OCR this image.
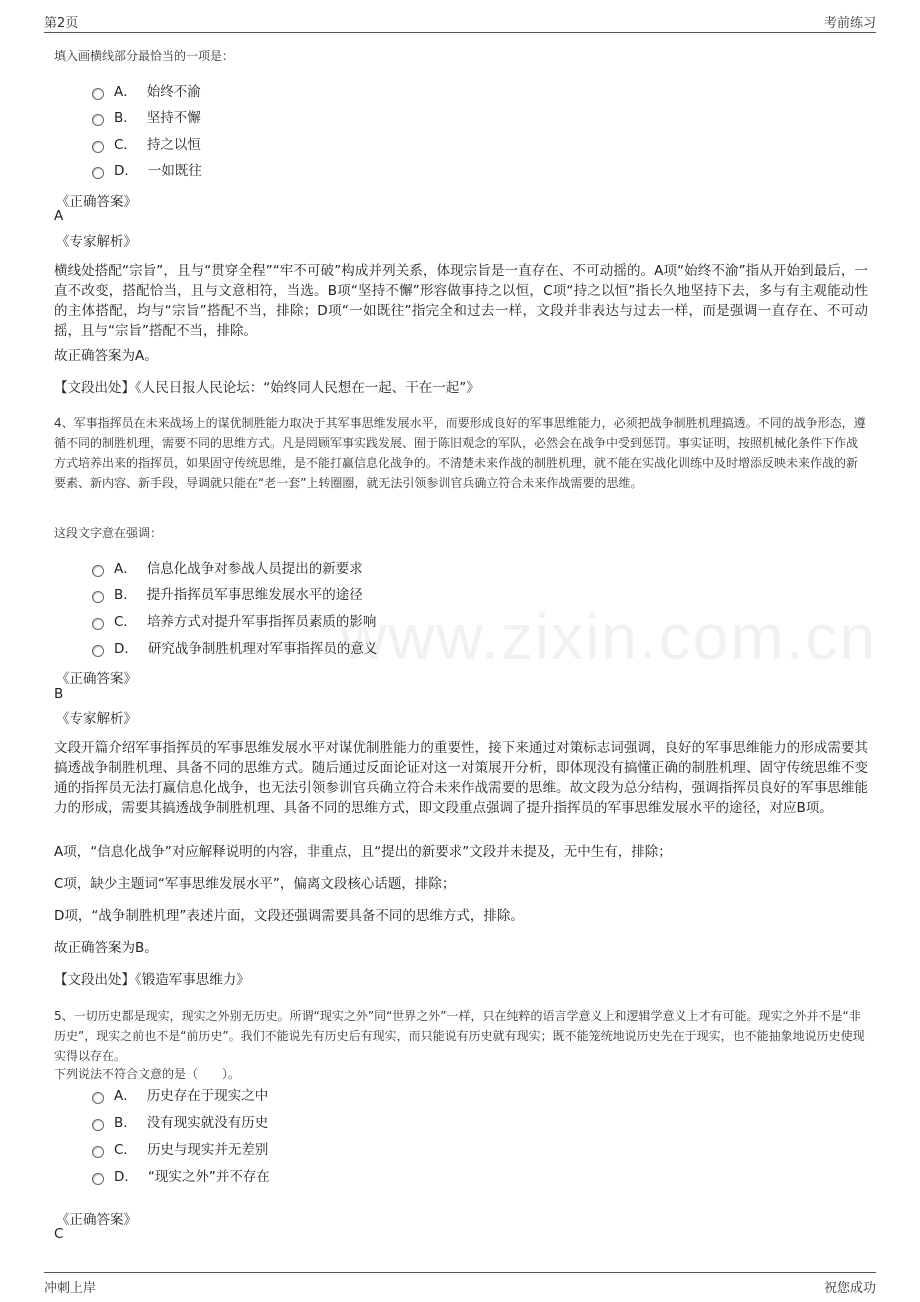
第2页	考前练习
www.zixin.com.cn
填入画横线部分最恰当的一项是：
A． 始终不渝
B． 坚持不懈
C． 持之以恒
D． 一如既往
《正确答案》
A
《专家解析》
横线处搭配“宗旨”，且与“贯穿全程”“牢不可破”构成并列关系，体现宗旨是一直存在、不可动摇的。A项“始终不渝”指从开始到最后，一直不改变，搭配恰当，且与文意相符，当选。B项“坚持不懈”形容做事持之以恒，C项“持之以恒”指长久地坚持下去，多与有主观能动性的主体搭配，均与“宗旨”搭配不当，排除；D项“一如既往”指完全和过去一样，文段并非表达与过去一样，而是强调一直存在、不可动摇，且与“宗旨”搭配不当，排除。
故正确答案为A。
【文段出处】《人民日报人民论坛：“始终同人民想在一起、干在一起”》
4、军事指挥员在未来战场上的谋优制胜能力取决于其军事思维发展水平，而要形成良好的军事思维能力，必须把战争制胜机理搞透。不同的战争形态，遵循不同的制胜机理，需要不同的思维方式。凡是罔顾军事实践发展、囿于陈旧观念的军队，必然会在战争中受到惩罚。事实证明，按照机械化条件下作战方式培养出来的指挥员，如果固守传统思维，是不能打赢信息化战争的。不清楚未来作战的制胜机理，就不能在实战化训练中及时增添反映未来作战的新要素、新内容、新手段，导调就只能在“老一套”上转圈圈，就无法引领参训官兵确立符合未来作战需要的思维。
这段文字意在强调：
A． 信息化战争对参战人员提出的新要求
B． 提升指挥员军事思维发展水平的途径
C． 培养方式对提升军事指挥员素质的影响
D． 研究战争制胜机理对军事指挥员的意义
《正确答案》
B
《专家解析》
文段开篇介绍军事指挥员的军事思维发展水平对谋优制胜能力的重要性，接下来通过对策标志词强调，良好的军事思维能力的形成需要其搞透战争制胜机理、具备不同的思维方式。随后通过反面论证对这一对策展开分析，即体现没有搞懂正确的制胜机理、固守传统思维不变通的指挥员无法打赢信息化战争，也无法引领参训官兵确立符合未来作战需要的思维。故文段为总分结构，强调指挥员良好的军事思维能力的形成，需要其搞透战争制胜机理、具备不同的思维方式，即文段重点强调了提升指挥员的军事思维发展水平的途径，对应B项。
A项，“信息化战争”对应解释说明的内容，非重点，且“提出的新要求”文段并未提及，无中生有，排除；
C项，缺少主题词“军事思维发展水平”，偏离文段核心话题，排除；
D项，“战争制胜机理”表述片面，文段还强调需要具备不同的思维方式，排除。
故正确答案为B。
【文段出处】《锻造军事思维力》
5、一切历史都是现实，现实之外别无历史。所谓“现实之外”同“世界之外”一样，只在纯粹的语言学意义上和逻辑学意义上才有可能。现实之外并不是“非历史”，现实之前也不是“前历史”。我们不能说先有历史后有现实，而只能说有历史就有现实；既不能笼统地说历史先在于现实，也不能抽象地说历史使现实得以存在。
下列说法不符合文意的是（　　）。
A． 历史存在于现实之中
B． 没有现实就没有历史
C． 历史与现实并无差别
D． “现实之外”并不存在
《正确答案》
C
冲刺上岸	祝您成功
